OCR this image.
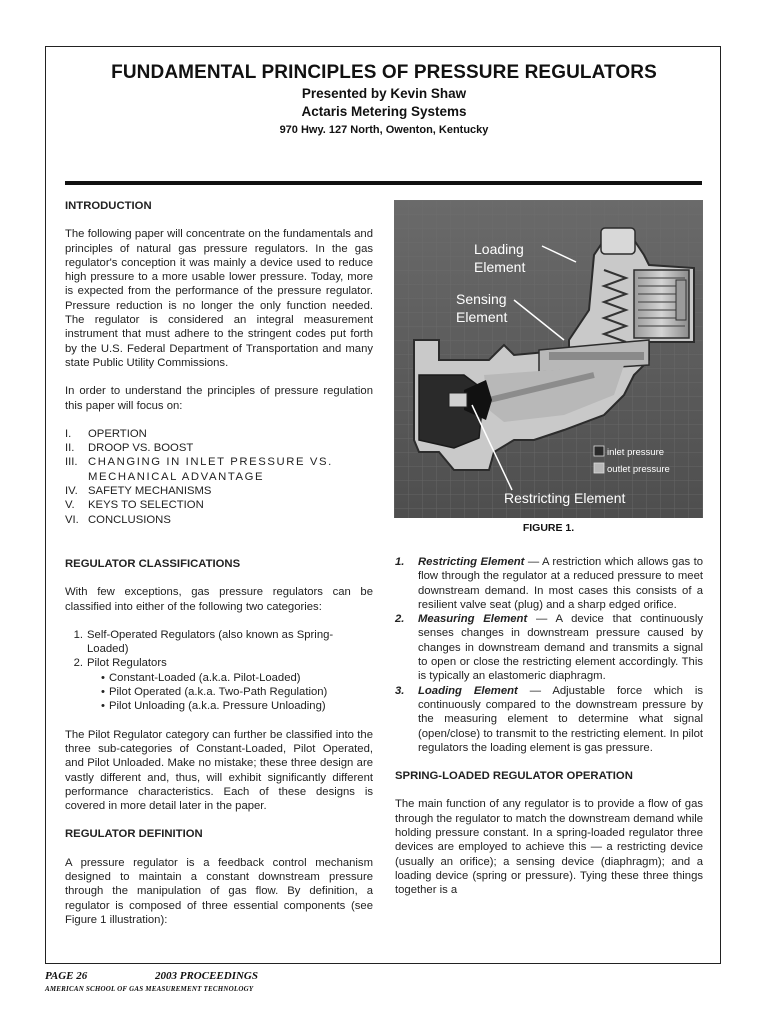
FUNDAMENTAL PRINCIPLES OF PRESSURE REGULATORS
Presented by Kevin Shaw
Actaris Metering Systems
970 Hwy. 127 North, Owenton, Kentucky

INTRODUCTION

The following paper will concentrate on the fundamentals and principles of natural gas pressure regulators. In the gas regulator's conception it was mainly a device used to reduce high pressure to a more usable lower pressure. Today, more is expected from the performance of the pressure regulator. Pressure reduction is no longer the only function needed. The regulator is considered an integral measurement instrument that must adhere to the stringent codes put forth by the U.S. Federal Department of Transportation and many state Public Utility Commissions.

In order to understand the principles of pressure regulation this paper will focus on:

I.	OPERTION
II.	DROOP VS. BOOST
III. CHANGING IN INLET PRESSURE VS. MECHANICAL ADVANTAGE
IV. SAFETY MECHANISMS
V.	KEYS TO SELECTION
VI. CONCLUSIONS

REGULATOR CLASSIFICATIONS

With few exceptions, gas pressure regulators can be classified into either of the following two categories:

1. Self-Operated Regulators (also known as Spring-Loaded)
2. Pilot Regulators
• Constant-Loaded (a.k.a. Pilot-Loaded)
• Pilot Operated (a.k.a. Two-Path Regulation)
• Pilot Unloading (a.k.a. Pressure Unloading)

The Pilot Regulator category can further be classified into the three sub-categories of Constant-Loaded, Pilot Operated, and Pilot Unloaded. Make no mistake; these three design are vastly different and, thus, will exhibit significantly different performance characteristics. Each of these designs is covered in more detail later in the paper.

REGULATOR DEFINITION

A pressure regulator is a feedback control mechanism designed to maintain a constant downstream pressure through the manipulation of gas flow. By definition, a regulator is composed of three essential components (see Figure 1 illustration):

Loading
Element
Sensing
Element
Restricting Element
inlet pressure
outlet pressure
FIGURE 1.
1.	Restricting Element — A restriction which allows gas to flow through the regulator at a reduced pressure to meet downstream demand. In most cases this consists of a resilient valve seat (plug) and a sharp edged orifice.
2.	Measuring Element — A device that continuously senses changes in downstream pressure caused by changes in downstream demand and transmits a signal to open or close the restricting element accordingly. This is typically an elastomeric diaphragm.
3.	Loading Element — Adjustable force which is continuously compared to the downstream pressure by the measuring element to determine what signal (open/close) to transmit to the restricting element. In pilot regulators the loading element is gas pressure.

SPRING-LOADED REGULATOR OPERATION

The main function of any regulator is to provide a flow of gas through the regulator to match the downstream demand while holding pressure constant. In a spring-loaded regulator three devices are employed to achieve this — a restricting device (usually an orifice); a sensing device (diaphragm); and a loading device (spring or pressure). Tying these three things together is a

PAGE 26	2003 PROCEEDINGS
AMERICAN SCHOOL OF GAS MEASUREMENT TECHNOLOGY
